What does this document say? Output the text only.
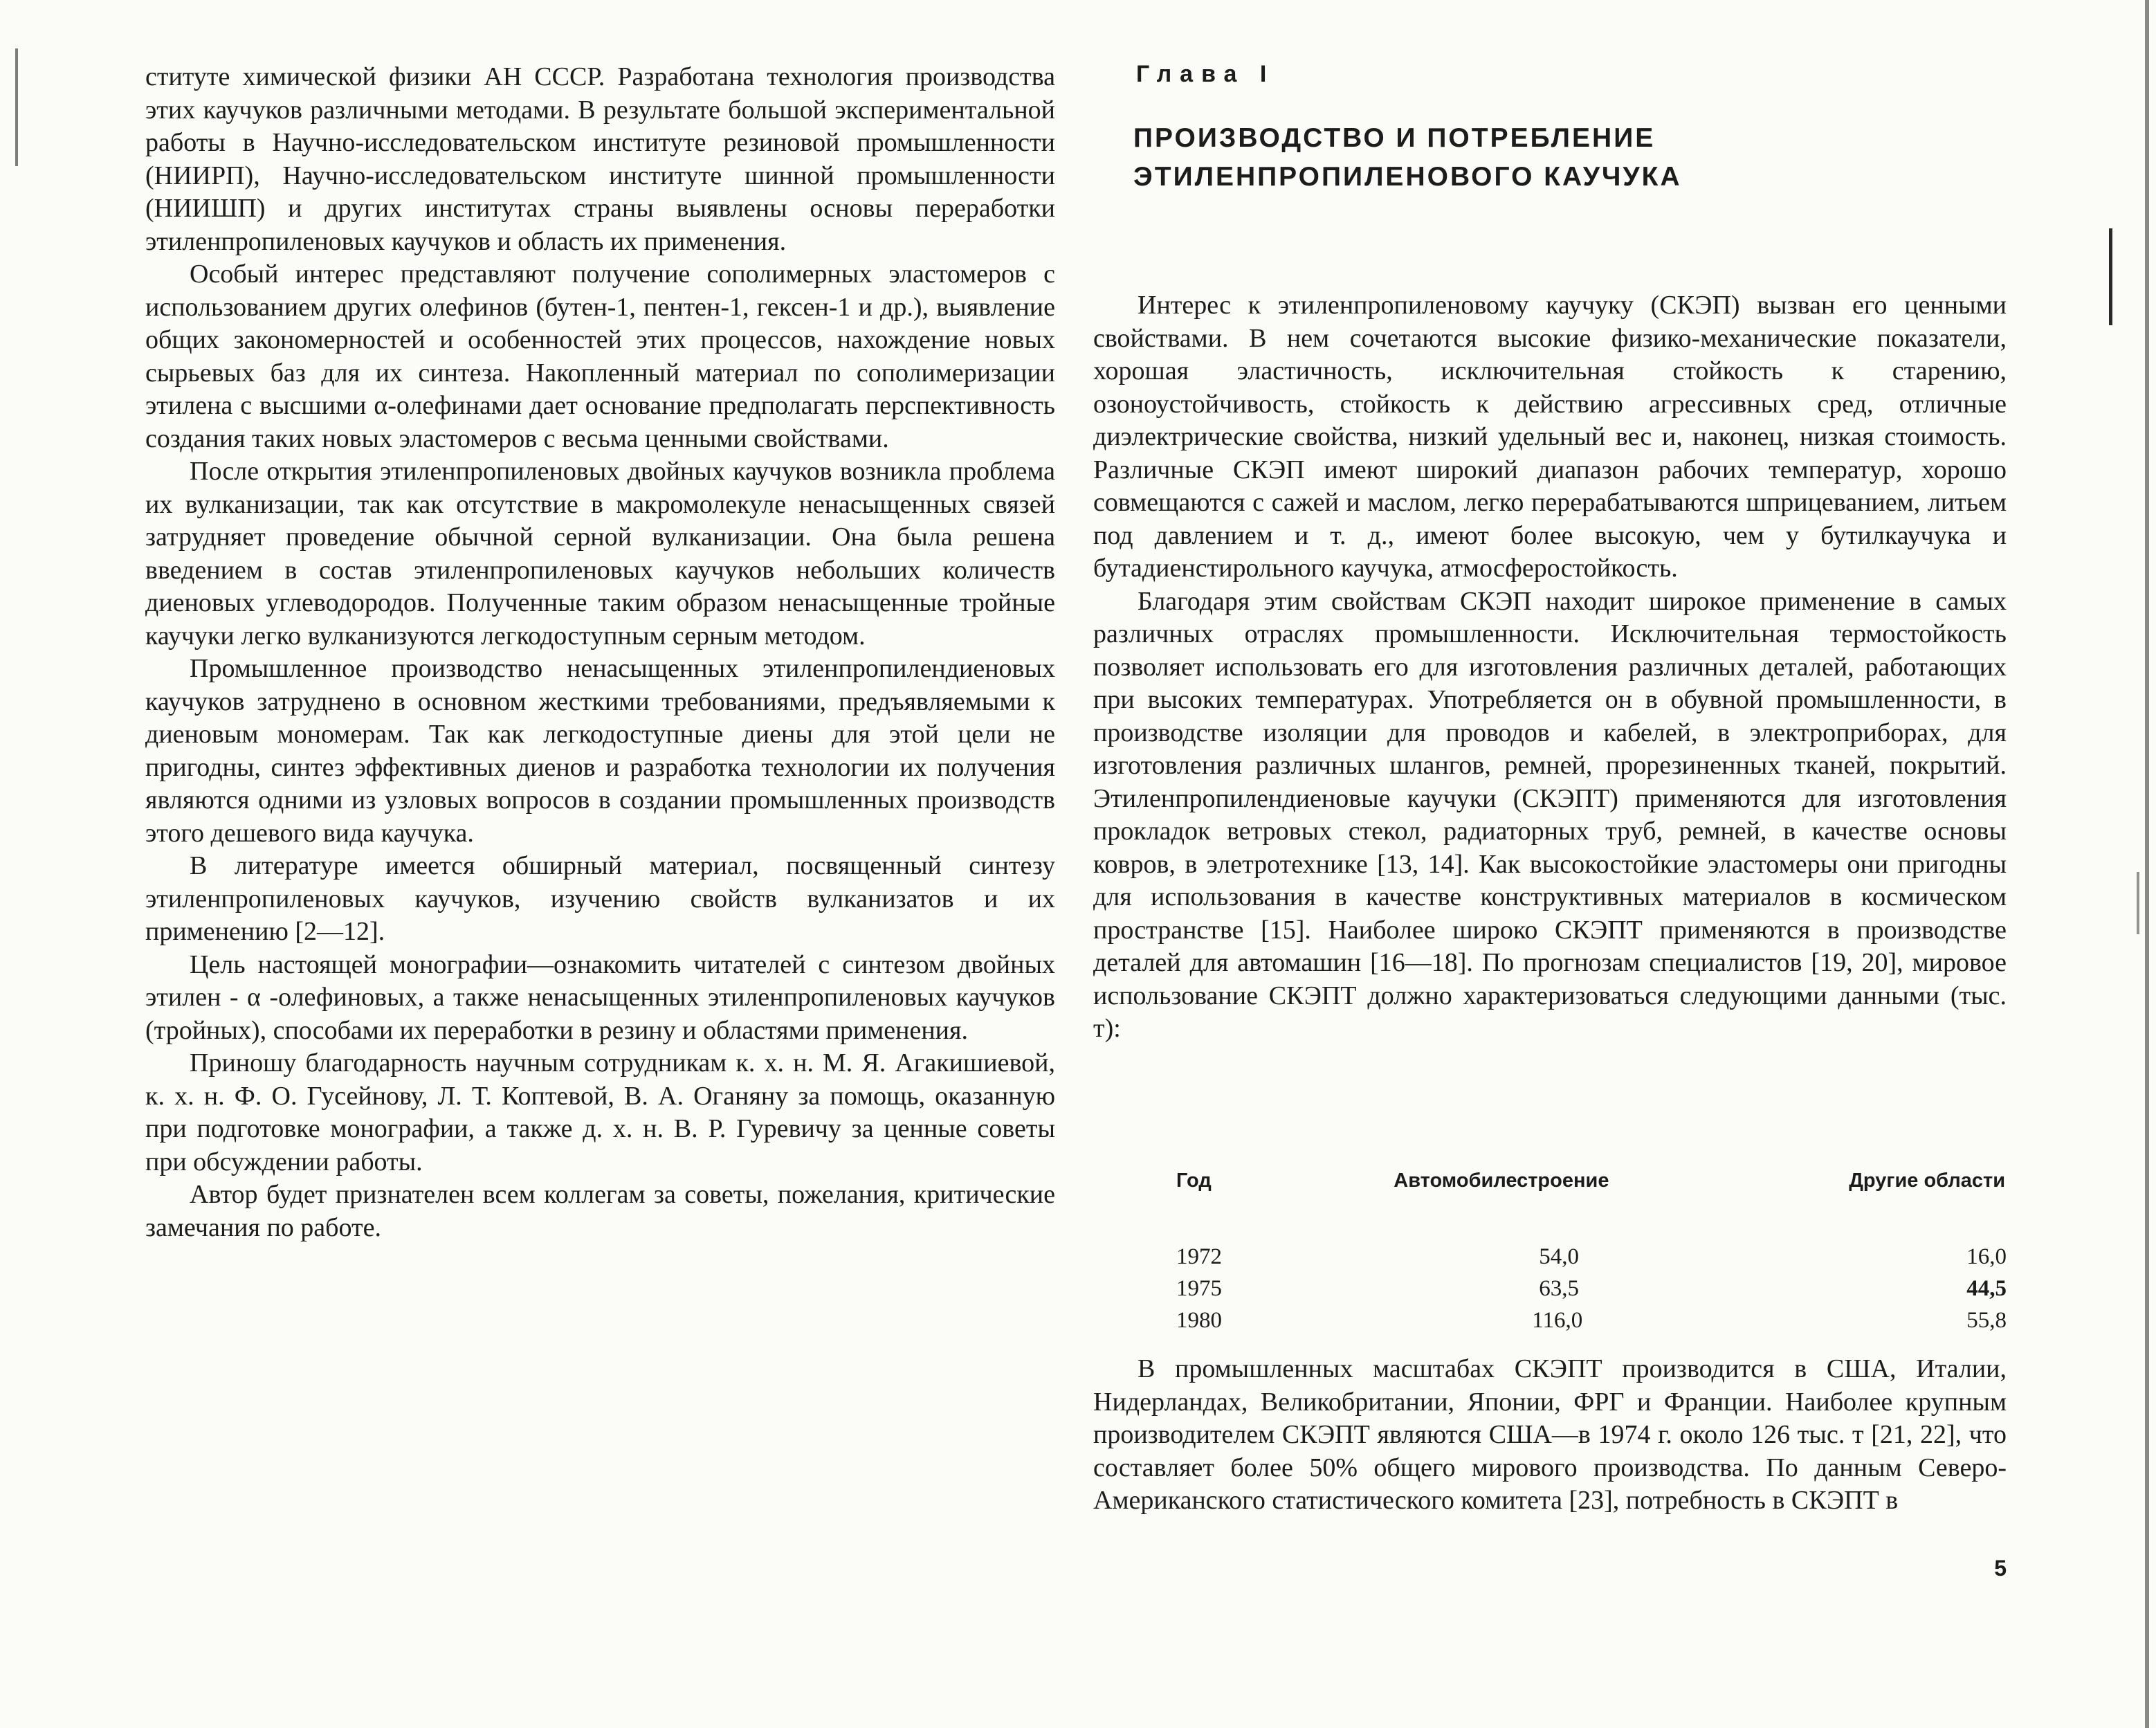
ституте химической физики АН СССР. Разработана технология производства этих каучуков различными методами. В результате большой экспериментальной работы в Научно-исследовательском институте резиновой промышленности (НИИРП), Научно-исследовательском институте шинной промышленности (НИИШП) и других институтах страны выявлены основы переработки этиленпропиленовых каучуков и область их применения.

Особый интерес представляют получение сополимерных эластомеров с использованием других олефинов (бутен-1, пентен-1, гексен-1 и др.), выявление общих закономерностей и особенностей этих процессов, нахождение новых сырьевых баз для их синтеза. Накопленный материал по сополимеризации этилена с высшими α-олефинами дает основание предполагать перспективность создания таких новых эластомеров с весьма ценными свойствами.

После открытия этиленпропиленовых двойных каучуков возникла проблема их вулканизации, так как отсутствие в макромолекуле ненасыщенных связей затрудняет проведение обычной серной вулканизации. Она была решена введением в состав этиленпропиленовых каучуков небольших количеств диеновых углеводородов. Полученные таким образом ненасыщенные тройные каучуки легко вулканизуются легкодоступным серным методом.

Промышленное производство ненасыщенных этиленпропилендиеновых каучуков затруднено в основном жесткими требованиями, предъявляемыми к диеновым мономерам. Так как легкодоступные диены для этой цели не пригодны, синтез эффективных диенов и разработка технологии их получения являются одними из узловых вопросов в создании промышленных производств этого дешевого вида каучука.

В литературе имеется обширный материал, посвященный синтезу этиленпропиленовых каучуков, изучению свойств вулканизатов и их применению [2—12].

Цель настоящей монографии—ознакомить читателей с синтезом двойных этилен - α -олефиновых, а также ненасыщенных этиленпропиленовых каучуков (тройных), способами их переработки в резину и областями применения.

Приношу благодарность научным сотрудникам к. х. н. М. Я. Агакишиевой, к. х. н. Ф. О. Гусейнову, Л. Т. Коптевой, В. А. Оганяну за помощь, оказанную при подготовке монографии, а также д. х. н. В. Р. Гуревичу за ценные советы при обсуждении работы.

Автор будет признателен всем коллегам за советы, пожелания, критические замечания по работе.

Глава I
ПРОИЗВОДСТВО И ПОТРЕБЛЕНИЕ ЭТИЛЕНПРОПИЛЕНОВОГО КАУЧУКА

Интерес к этиленпропиленовому каучуку (СКЭП) вызван его ценными свойствами. В нем сочетаются высокие физико-механические показатели, хорошая эластичность, исключительная стойкость к старению, озоноустойчивость, стойкость к действию агрессивных сред, отличные диэлектрические свойства, низкий удельный вес и, наконец, низкая стоимость. Различные СКЭП имеют широкий диапазон рабочих температур, хорошо совмещаются с сажей и маслом, легко перерабатываются шприцеванием, литьем под давлением и т. д., имеют более высокую, чем у бутилкаучука и бутадиенстирольного каучука, атмосферостойкость.

Благодаря этим свойствам СКЭП находит широкое применение в самых различных отраслях промышленности. Исключительная термостойкость позволяет использовать его для изготовления различных деталей, работающих при высоких температурах. Употребляется он в обувной промышленности, в производстве изоляции для проводов и кабелей, в электроприборах, для изготовления различных шлангов, ремней, прорезиненных тканей, покрытий. Этиленпропилендиеновые каучуки (СКЭПТ) применяются для изготовления прокладок ветровых стекол, радиаторных труб, ремней, в качестве основы ковров, в элетротехнике [13, 14]. Как высокостойкие эластомеры они пригодны для использования в качестве конструктивных материалов в космическом пространстве [15]. Наиболее широко СКЭПТ применяются в производстве деталей для автомашин [16—18]. По прогнозам специалистов [19, 20], мировое использование СКЭПТ должно характеризоваться следующими данными (тыс. т):

Год	Автомобилестроение	Другие области
1972	54,0	16,0
1975	63,5	44,5
1980	116,0	55,8

В промышленных масштабах СКЭПТ производится в США, Италии, Нидерландах, Великобритании, Японии, ФРГ и Франции. Наиболее крупным производителем СКЭПТ являются США—в 1974 г. около 126 тыс. т [21, 22], что составляет более 50% общего мирового производства. По данным Северо-Американского статистического комитета [23], потребность в СКЭПТ в

5
